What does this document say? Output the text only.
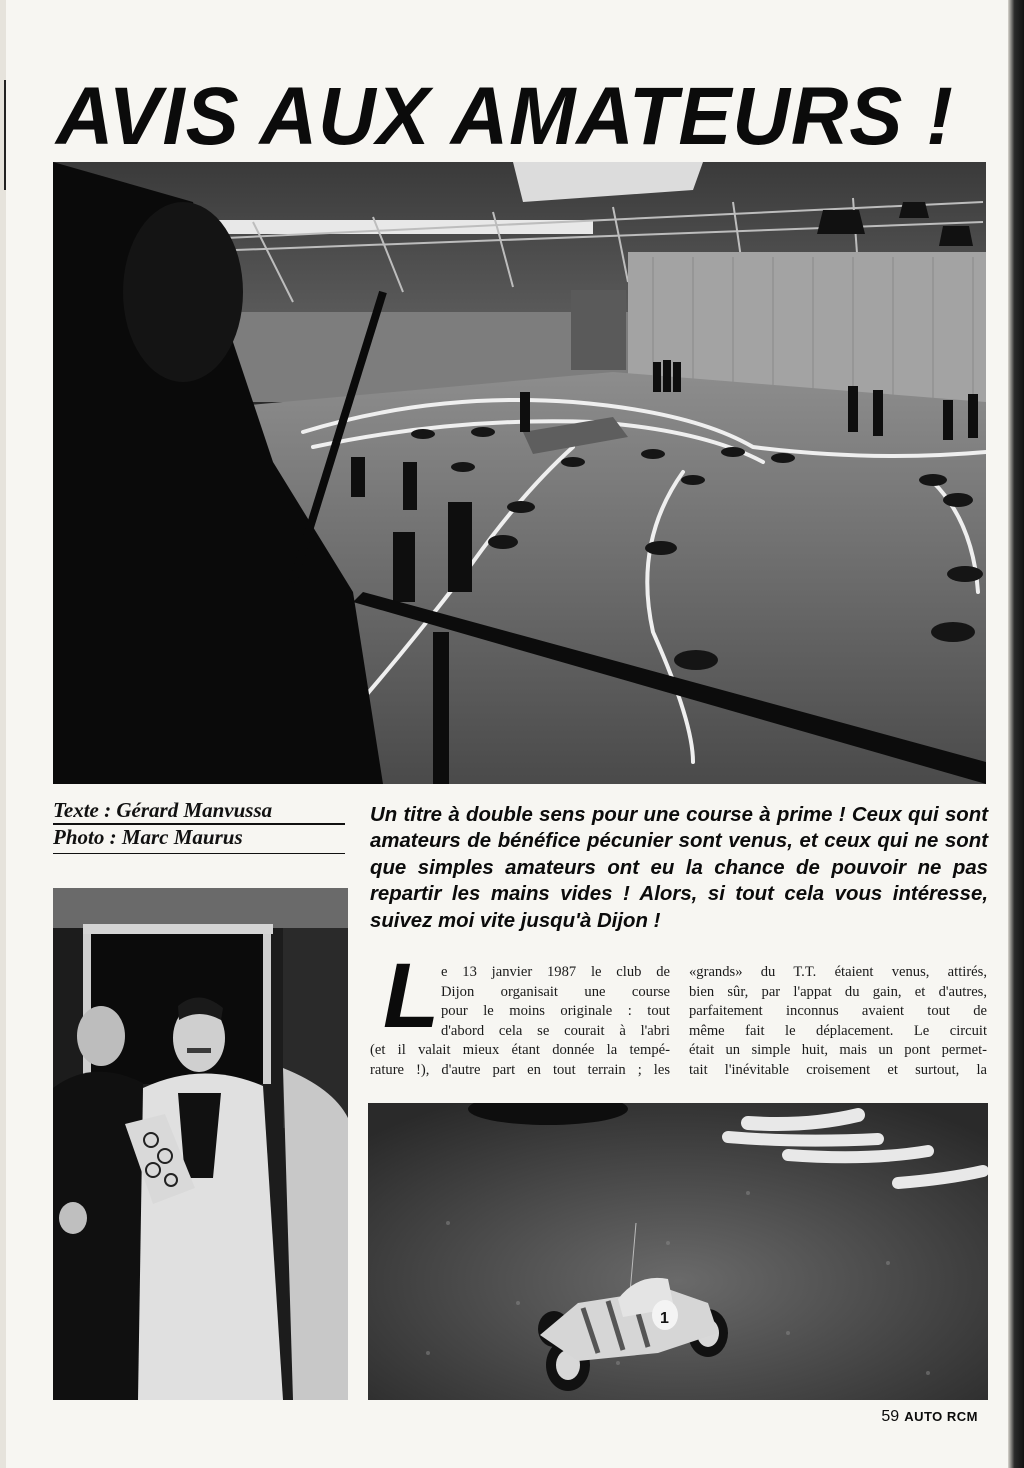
AVIS AUX AMATEURS !

Texte : Gérard Manvussa

Photo : Marc Maurus

Un titre à double sens pour une course à prime ! Ceux qui sont amateurs de bénéfice pécunier sont venus, et ceux qui ne sont que simples amateurs ont eu la chance de pouvoir ne pas repartir les mains vides ! Alors, si tout cela vous intéresse, suivez moi vite jusqu'à Dijon !

L e 13 janvier 1987 le club de
Dijon organisait une course
pour le moins originale : tout
d'abord cela se courait à l'abri
(et il valait mieux étant donnée la tempé-
rature !), d'autre part en tout terrain ; les
«grands» du T.T. étaient venus, attirés,
bien sûr, par l'appat du gain, et d'autres,
parfaitement inconnus avaient tout de
même fait le déplacement. Le circuit
était un simple huit, mais un pont permet-
tait l'inévitable croisement et surtout, la
1
59 AUTO RCM
